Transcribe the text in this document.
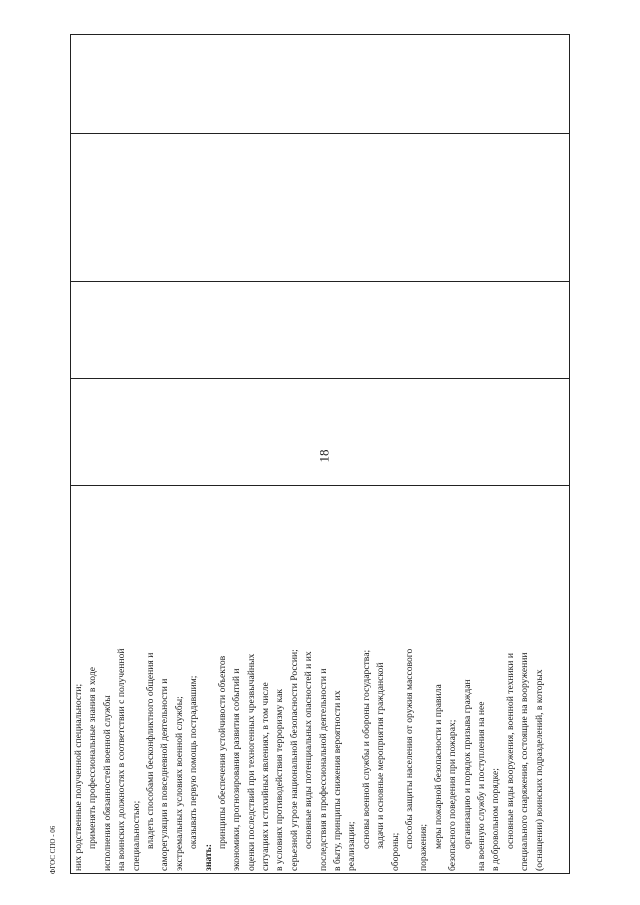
18
ФГОС СПО - 06 них родственные полученной специальности; применять профессиональные знания в ходе исполнения обязанностей военной службы на воинских должностях в соответствии с полученной специальностью; владеть способами бесконфликтного общения и саморегуляции в повседневной деятельности и экстремальных условиях военной службы; оказывать первую помощь пострадавшим;
знать:
принципы обеспечения устойчивости объектов экономики, прогнозирования развития событий и оценки последствий при техногенных чрезвычайных ситуациях и стихийных явлениях, в том числе в условиях противодействия терроризму как серьезной угрозе национальной безопасности России; основные виды потенциальных опасностей и их последствия в профессиональной деятельности и в быту, принципы снижения вероятности их реализации; основы военной службы и обороны государства; задачи и основные мероприятия гражданской
обороны;
способы защиты населения от оружия массового поражения; меры пожарной безопасности и правила безопасного поведения при пожарах; организацию и порядок призыва граждан на военную службу и поступления на нее в добровольном порядке; основные виды вооружения, военной техники и специального снаряжения, состоящие на вооружении (оснащении) воинских подразделений, в которых
